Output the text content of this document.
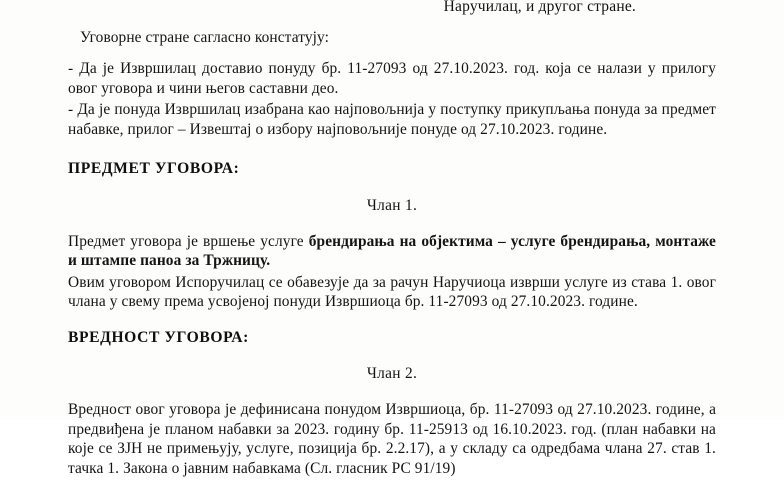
Наручилац, и другог стране.

Уговорне стране сагласно констатују:

- Да је Извршилац доставио понуду бр. 11-27093 од 27.10.2023. год. која се налази у прилогу овог уговора и чини његов саставни део.

- Да је понуда Извршилац изабрана као најповољнија у поступку прикупљања понуда за предмет набавке, прилог – Извештај о избору најповољније понуде од 27.10.2023. године.

ПРЕДМЕТ УГОВОРА:

Члан 1.

Предмет уговора је вршење услуге брендирања на објектима – услуге брендирања, монтаже и штампе паноа за Тржницу.

Овим уговором Испоручилац се обавезује да за рачун Наручиоца изврши услуге из става 1. овог члана у свему према усвојеној понуди Извршиоца бр. 11-27093 од 27.10.2023. године.

ВРЕДНОСТ УГОВОРА:

Члан 2.

Вредност овог уговора је дефинисана понудом Извршиоца, бр. 11-27093 од 27.10.2023. године, а предвиђена је планом набавки за 2023. годину бр. 11-25913 од 16.10.2023. год. (план набавки на које се ЗЈН не примењују, услуге, позиција бр. 2.2.17), а у складу са одредбама члана 27. став 1. тачка 1. Закона о јавним набавкама (Сл. гласник РС 91/19)
